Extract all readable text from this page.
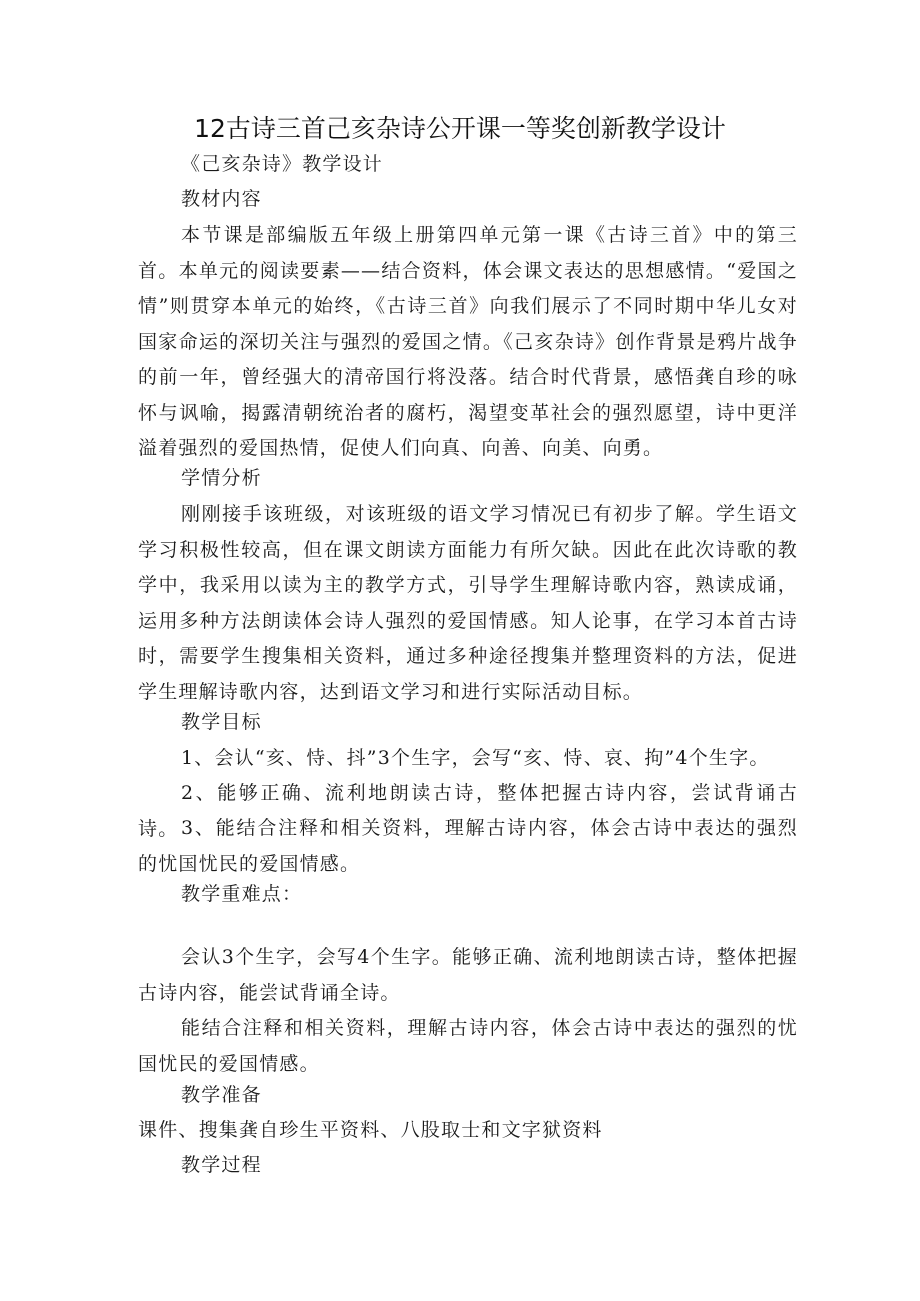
12古诗三首己亥杂诗公开课一等奖创新教学设计
《己亥杂诗》教学设计
教材内容
本节课是部编版五年级上册第四单元第一课《古诗三首》中的第三首。本单元的阅读要素——结合资料，体会课文表达的思想感情。“爱国之情”则贯穿本单元的始终，《古诗三首》向我们展示了不同时期中华儿女对国家命运的深切关注与强烈的爱国之情。《己亥杂诗》创作背景是鸦片战争的前一年，曾经强大的清帝国行将没落。结合时代背景，感悟龚自珍的咏怀与讽喻，揭露清朝统治者的腐朽，渴望变革社会的强烈愿望，诗中更洋溢着强烈的爱国热情，促使人们向真、向善、向美、向勇。
学情分析
刚刚接手该班级，对该班级的语文学习情况已有初步了解。学生语文学习积极性较高，但在课文朗读方面能力有所欠缺。因此在此次诗歌的教学中，我采用以读为主的教学方式，引导学生理解诗歌内容，熟读成诵，运用多种方法朗读体会诗人强烈的爱国情感。知人论事，在学习本首古诗时，需要学生搜集相关资料，通过多种途径搜集并整理资料的方法，促进学生理解诗歌内容，达到语文学习和进行实际活动目标。
教学目标
1、会认“亥、恃、抖”3个生字，会写“亥、恃、哀、拘”4个生字。
2、能够正确、流利地朗读古诗，整体把握古诗内容，尝试背诵古诗。 3、能结合注释和相关资料，理解古诗内容，体会古诗中表达的强烈的忧国忧民的爱国情感。
教学重难点：
会认3个生字，会写4个生字。能够正确、流利地朗读古诗，整体把握古诗内容，能尝试背诵全诗。
能结合注释和相关资料，理解古诗内容，体会古诗中表达的强烈的忧国忧民的爱国情感。
教学准备
课件、搜集龚自珍生平资料、八股取士和文字狱资料
教学过程
